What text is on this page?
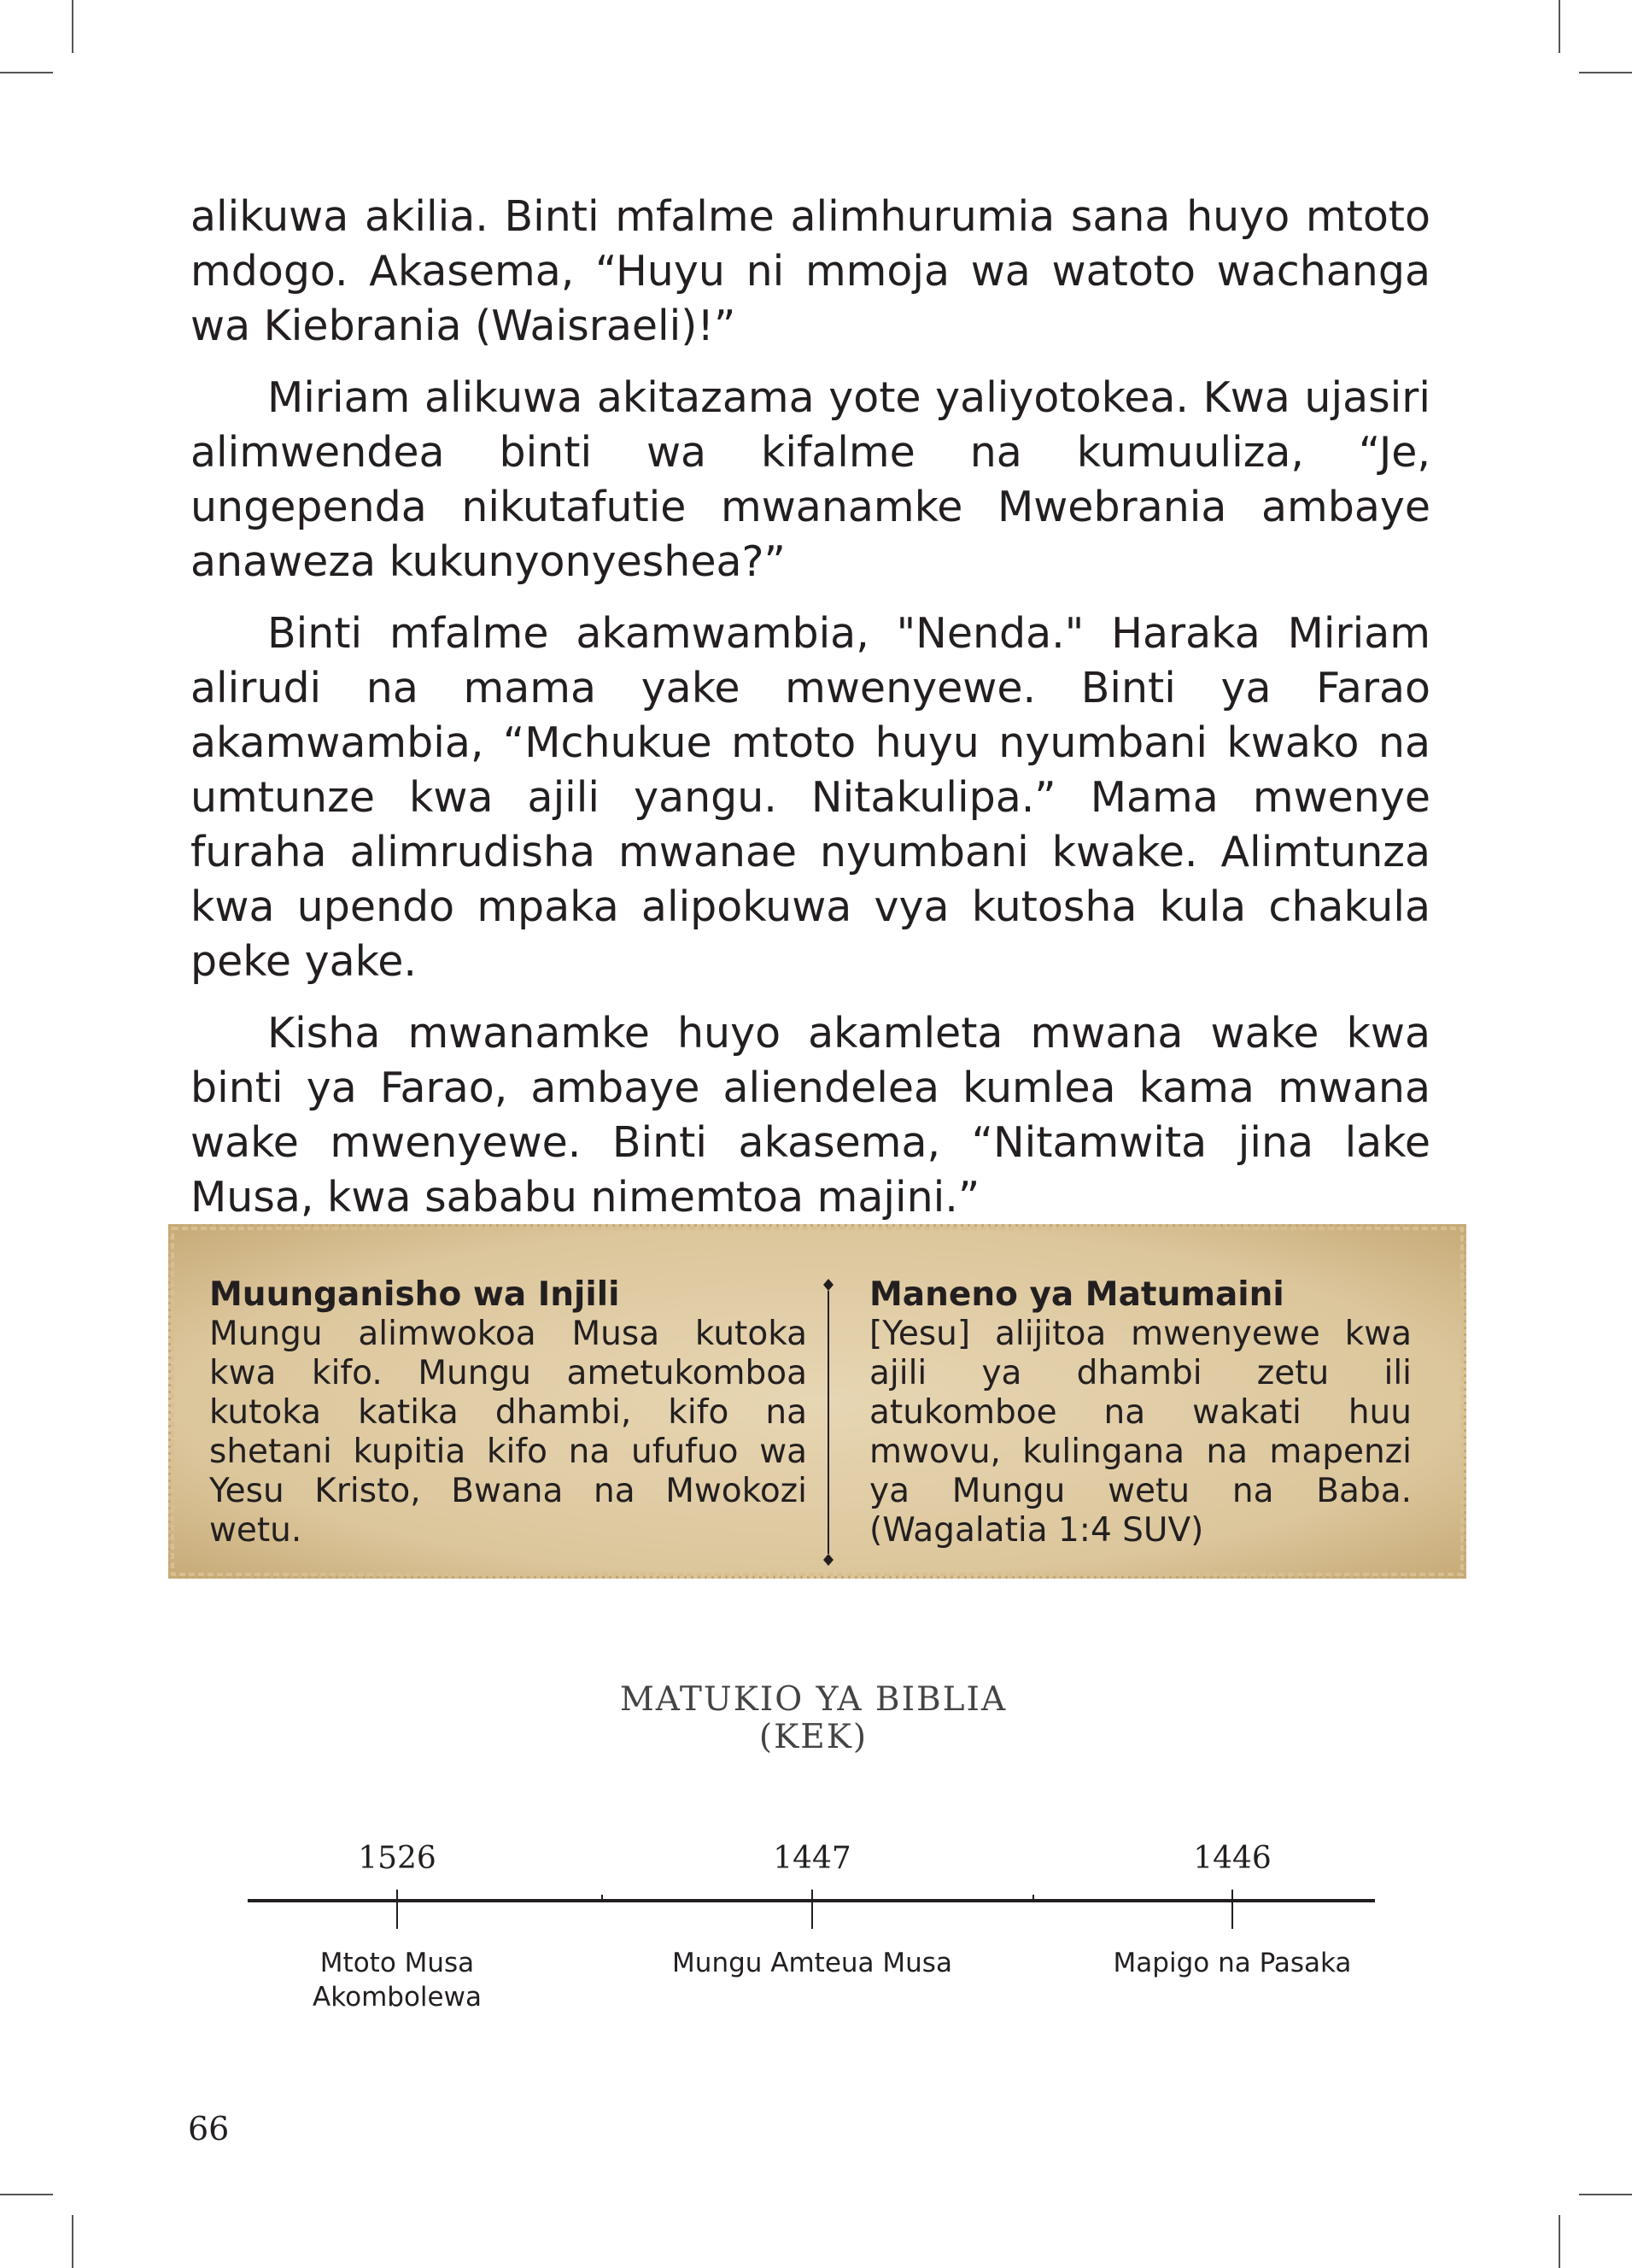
alikuwa akilia. Binti mfalme alimhurumia sana huyo mtoto mdogo. Akasema, “Huyu ni mmoja wa watoto wachanga wa Kiebrania (Waisraeli)!”

Miriam alikuwa akitazama yote yaliyotokea. Kwa ujasiri alimwendea binti wa kifalme na kumuuliza, “Je, ungependa nikutafutie mwanamke Mwebrania ambaye anaweza kukunyonyeshea?”

Binti mfalme akamwambia, "Nenda." Haraka Miriam alirudi na mama yake mwenyewe. Binti ya Farao akamwambia, “Mchukue mtoto huyu nyumbani kwako na umtunze kwa ajili yangu. Nitakulipa.” Mama mwenye furaha alimrudisha mwanae nyumbani kwake. Alimtunza kwa upendo mpaka alipokuwa vya kutosha kula chakula peke yake.

Kisha mwanamke huyo akamleta mwana wake kwa binti ya Farao, ambaye aliendelea kumlea kama mwana wake mwenyewe. Binti akasema, “Nitamwita jina lake Musa, kwa sababu nimemtoa majini.”

Muunganisho wa Injili

Mungu alimwokoa Musa kutoka kwa kifo. Mungu ametukomboa kutoka katika dhambi, kifo na shetani kupitia kifo na ufufuo wa Yesu Kristo, Bwana na Mwokozi wetu.

Maneno ya Matumaini

[Yesu] alijitoa mwenyewe kwa ajili ya dhambi zetu ili atukomboe na wakati huu mwovu, kulingana na mapenzi ya Mungu wetu na Baba. (Wagalatia 1:4 SUV)

MATUKIO YA BIBLIA
(KEK)
1526	1447	1446
Mtoto Musa Akombolewa
Mungu Amteua Musa	Mapigo na Pasaka
66
